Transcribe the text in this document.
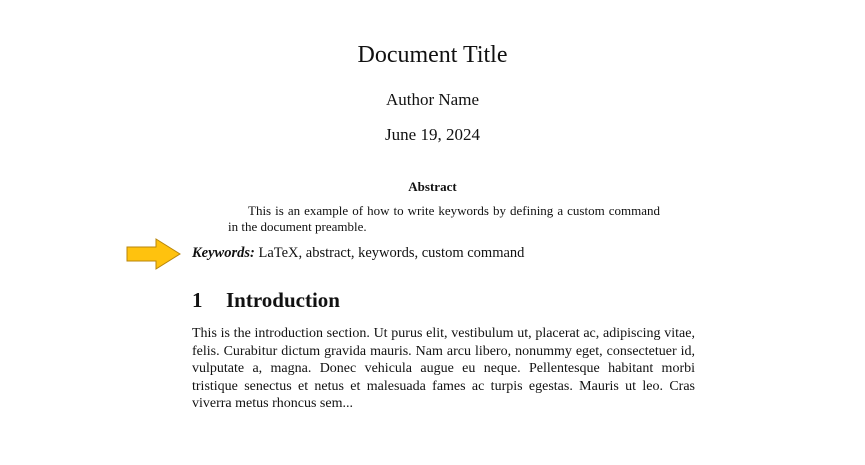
Document Title
Author Name
June 19, 2024
Abstract
This is an example of how to write keywords by defining a custom command in the document preamble.
Keywords: LaTeX, abstract, keywords, custom command
1 Introduction
This is the introduction section. Ut purus elit, vestibulum ut, placerat ac, adipiscing vitae, felis. Curabitur dictum gravida mauris. Nam arcu libero, nonummy eget, consectetuer id, vulputate a, magna. Donec vehicula augue eu neque. Pellentesque habitant morbi tristique senectus et netus et malesuada fames ac turpis egestas. Mauris ut leo. Cras viverra metus rhoncus sem...
